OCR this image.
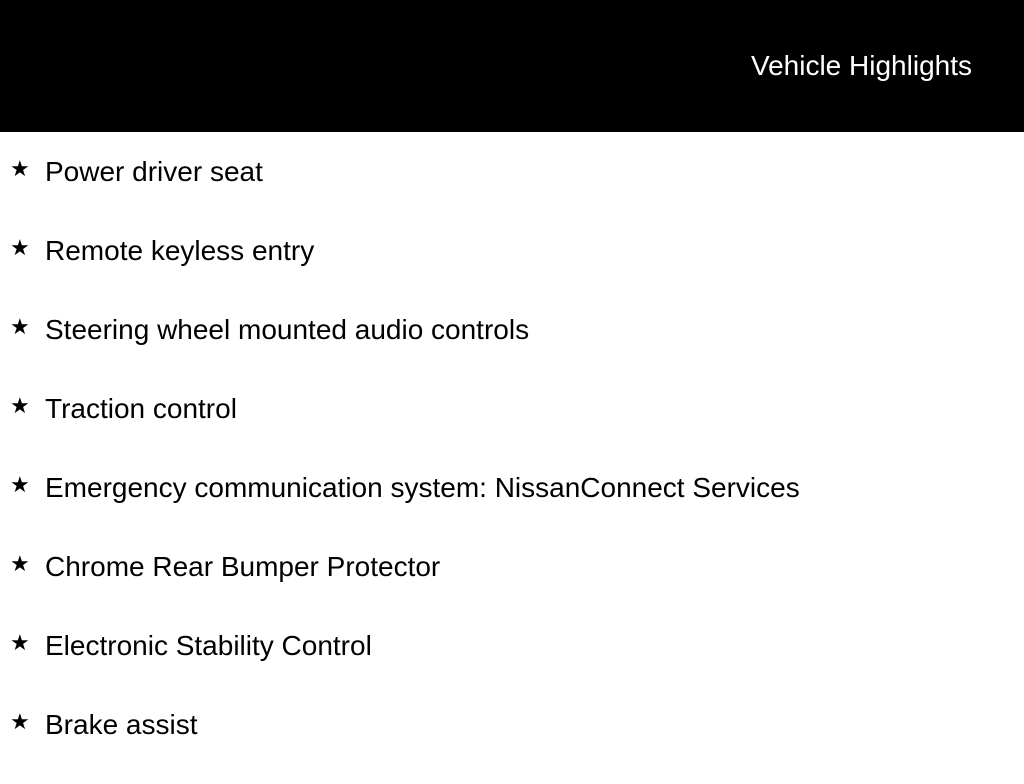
Vehicle Highlights
★ Power driver seat
★ Remote keyless entry
★ Steering wheel mounted audio controls
★ Traction control
★ Emergency communication system: NissanConnect Services
★ Chrome Rear Bumper Protector
★ Electronic Stability Control
★ Brake assist
